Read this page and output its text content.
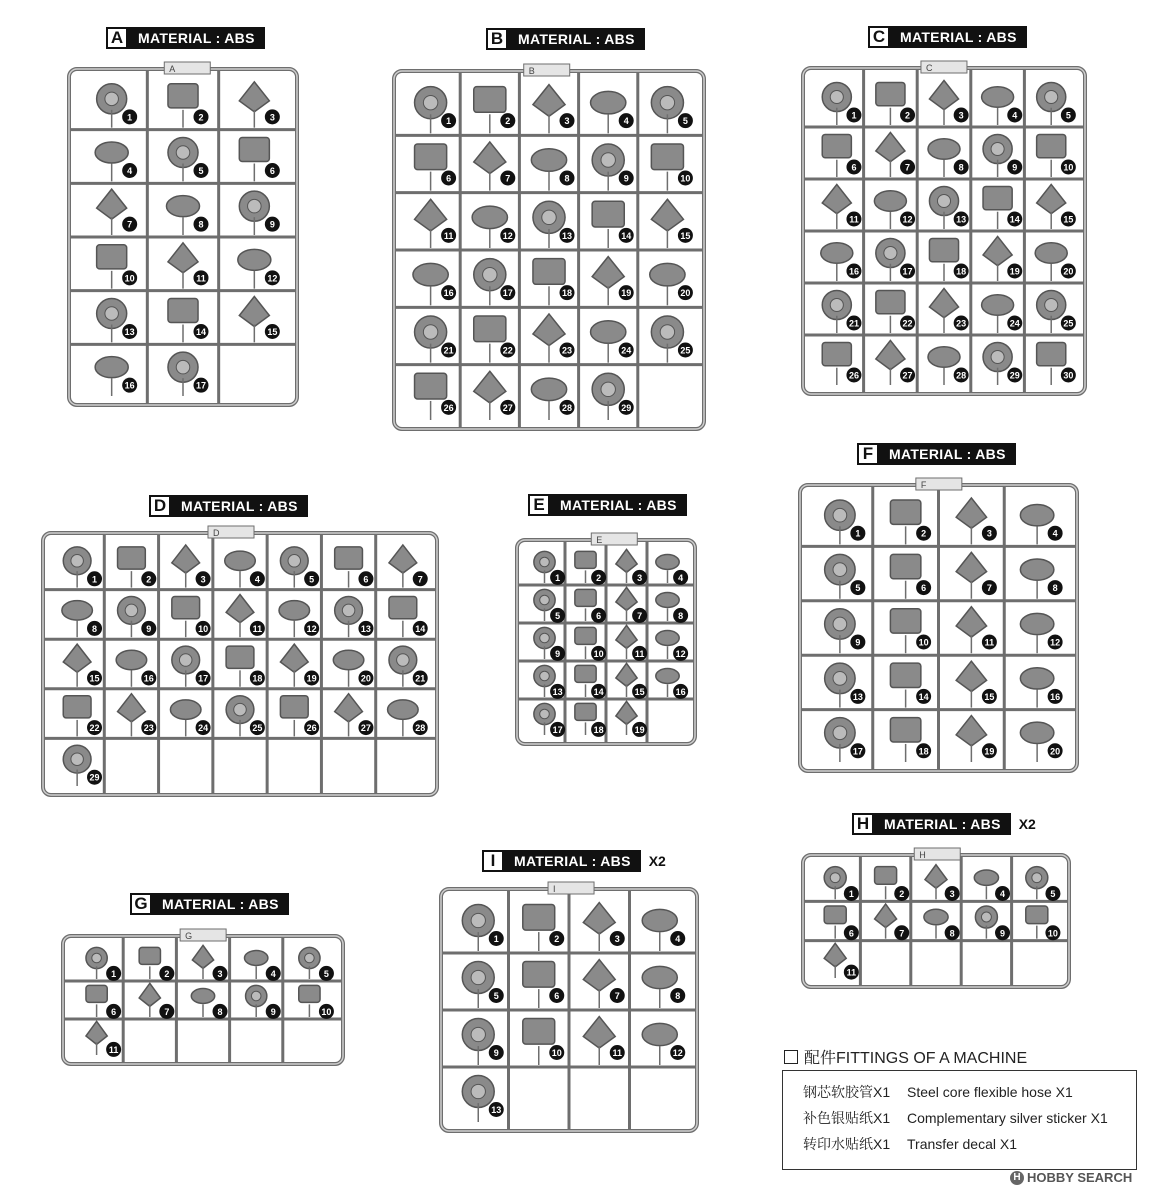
A	MATERIAL : ABS	B	MATERIAL : ABS	C	MATERIAL : ABS
D	MATERIAL : ABS	E	MATERIAL : ABS
F	MATERIAL : ABS
G	MATERIAL : ABS
H	MATERIAL : ABS	X2
I	MATERIAL : ABS	X2
A
1	2	3
4	5	6
7	8	9
10	11	12
13	14	15
16	17
B
1	2	3	4	5
6	7	8	9	10
11	12	13	14	15
16	17	18	19	20
21	22	23	24	25
26	27	28	29
C
1	2	3	4	5
6	7	8	9	10
11	12	13	14	15
16	17	18	19	20
21	22	23	24	25
26	27	28	29	30
D
1	2	3	4	5	6	7
8	9	10	11	12	13	14
15	16	17	18	19	20	21
22	23	24	25	26	27	28
29
E
1	2	3	4
5	6	7	8
9	10	11	12
13	14	15	16
17	18	19
F
1	2	3	4
5	6	7	8
9	10	11	12
13	14	15	16
17	18	19	20
G
1	2	3	4	5
6	7	8	9	10
11
H
1	2	3	4	5
6	7	8	9	10
11
I
1	2	3	4
5	6	7	8
9	10	11	12
13
配件FITTINGS OF A MACHINE
钢芯软胶管X1	Steel core flexible hose X1
补色银贴纸X1	Complementary silver sticker X1
转印水贴纸X1	Transfer decal X1
H HOBBY SEARCH
